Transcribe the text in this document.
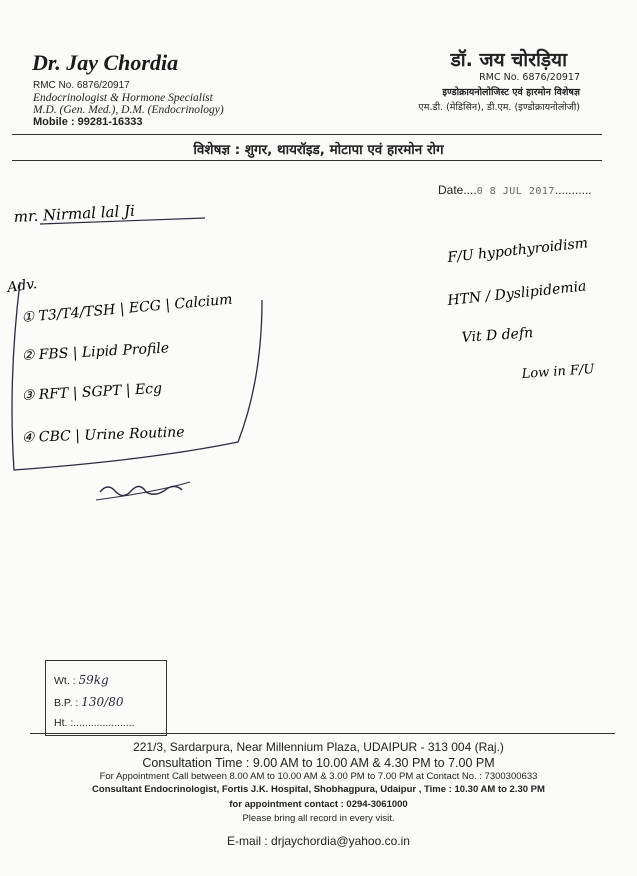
Dr. Jay Chordia
RMC No. 6876/20917
Endocrinologist & Hormone Specialist
M.D. (Gen. Med.), D.M. (Endocrinology)
Mobile : 99281-16333
डॉ. जय चोरड़िया
RMC No. 6876/20917
इण्डोक्रायनोलोजिस्ट एवं हारमोन विशेषज्ञ
एम.डी. (मेडिसिन), डी.एम. (इण्डोक्रायनोलोजी)
विशेषज्ञ : शुगर, थायरॉइड, मोटापा एवं हारमोन रोग
Date....0 8 JUL 2017...........
mr. Nirmal lal Ji
F/U hypothyroidism
HTN / Dyslipidemia
Vit D defn
Low in F/U
Adv.
① T3/T4/TSH | ECG | Calcium
② FBS | Lipid Profile
③ RFT | SGPT | Ecg
④ CBC | Urine Routine
Wt. : 59kg
B.P. : 130/80
Ht. :.....................
221/3, Sardarpura, Near Millennium Plaza, UDAIPUR - 313 004 (Raj.)
Consultation Time : 9.00 AM to 10.00 AM & 4.30 PM to 7.00 PM
For Appointment Call between 8.00 AM to 10.00 AM & 3.00 PM to 7.00 PM at Contact No. : 7300300633
Consultant Endocrinologist, Fortis J.K. Hospital, Shobhagpura, Udaipur , Time : 10.30 AM to 2.30 PM
for appointment contact : 0294-3061000
Please bring all record in every visit.
E-mail : drjaychordia@yahoo.co.in
